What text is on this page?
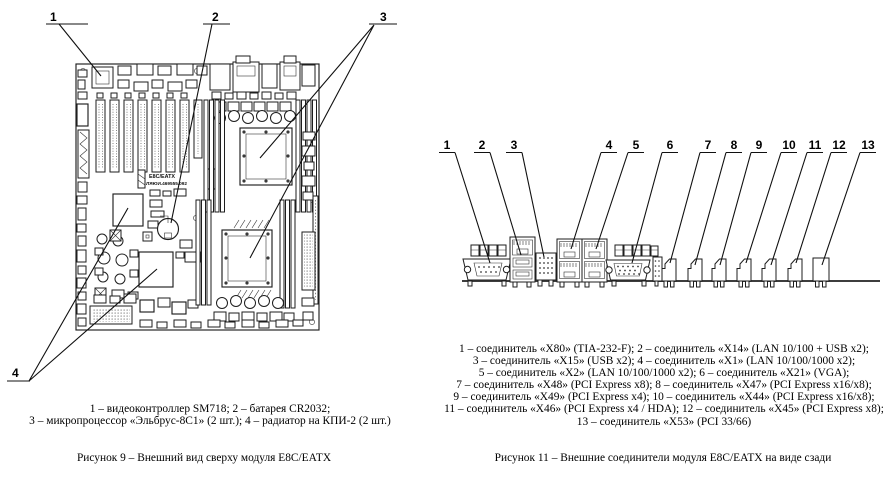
E8C/EATX
ЛЯЮИ.469555.092
1	2	3
4
1 2 3	4 5 6	7 8 9 10 11 12 13
1 – видеоконтроллер SM718; 2 – батарея CR2032;
3 – микропроцессор «Эльбрус-8С1» (2 шт.); 4 – радиатор на КПИ-2 (2 шт.)
Рисунок 9 – Внешний вид сверху модуля Е8С/ЕАТХ
1 – соединитель «Х80» (TIA-232-F); 2 – соединитель «Х14» (LAN 10/100 + USB x2);
3 – соединитель «Х15» (USB x2); 4 – соединитель «Х1» (LAN 10/100/1000 x2);
5 – соединитель «Х2» (LAN 10/100/1000 x2); 6 – соединитель «Х21» (VGA);
7 – соединитель «Х48» (PCI Express x8); 8 – соединитель «Х47» (PCI Express x16/x8);
9 – соединитель «Х49» (PCI Express x4); 10 – соединитель «Х44» (PCI Express x16/x8);
11 – соединитель «Х46» (PCI Express x4 / HDA); 12 – соединитель «Х45» (PCI Express x8);
13 – соединитель «Х53» (PCI 33/66)
Рисунок 11 – Внешние соединители модуля Е8С/ЕАТХ на виде сзади
